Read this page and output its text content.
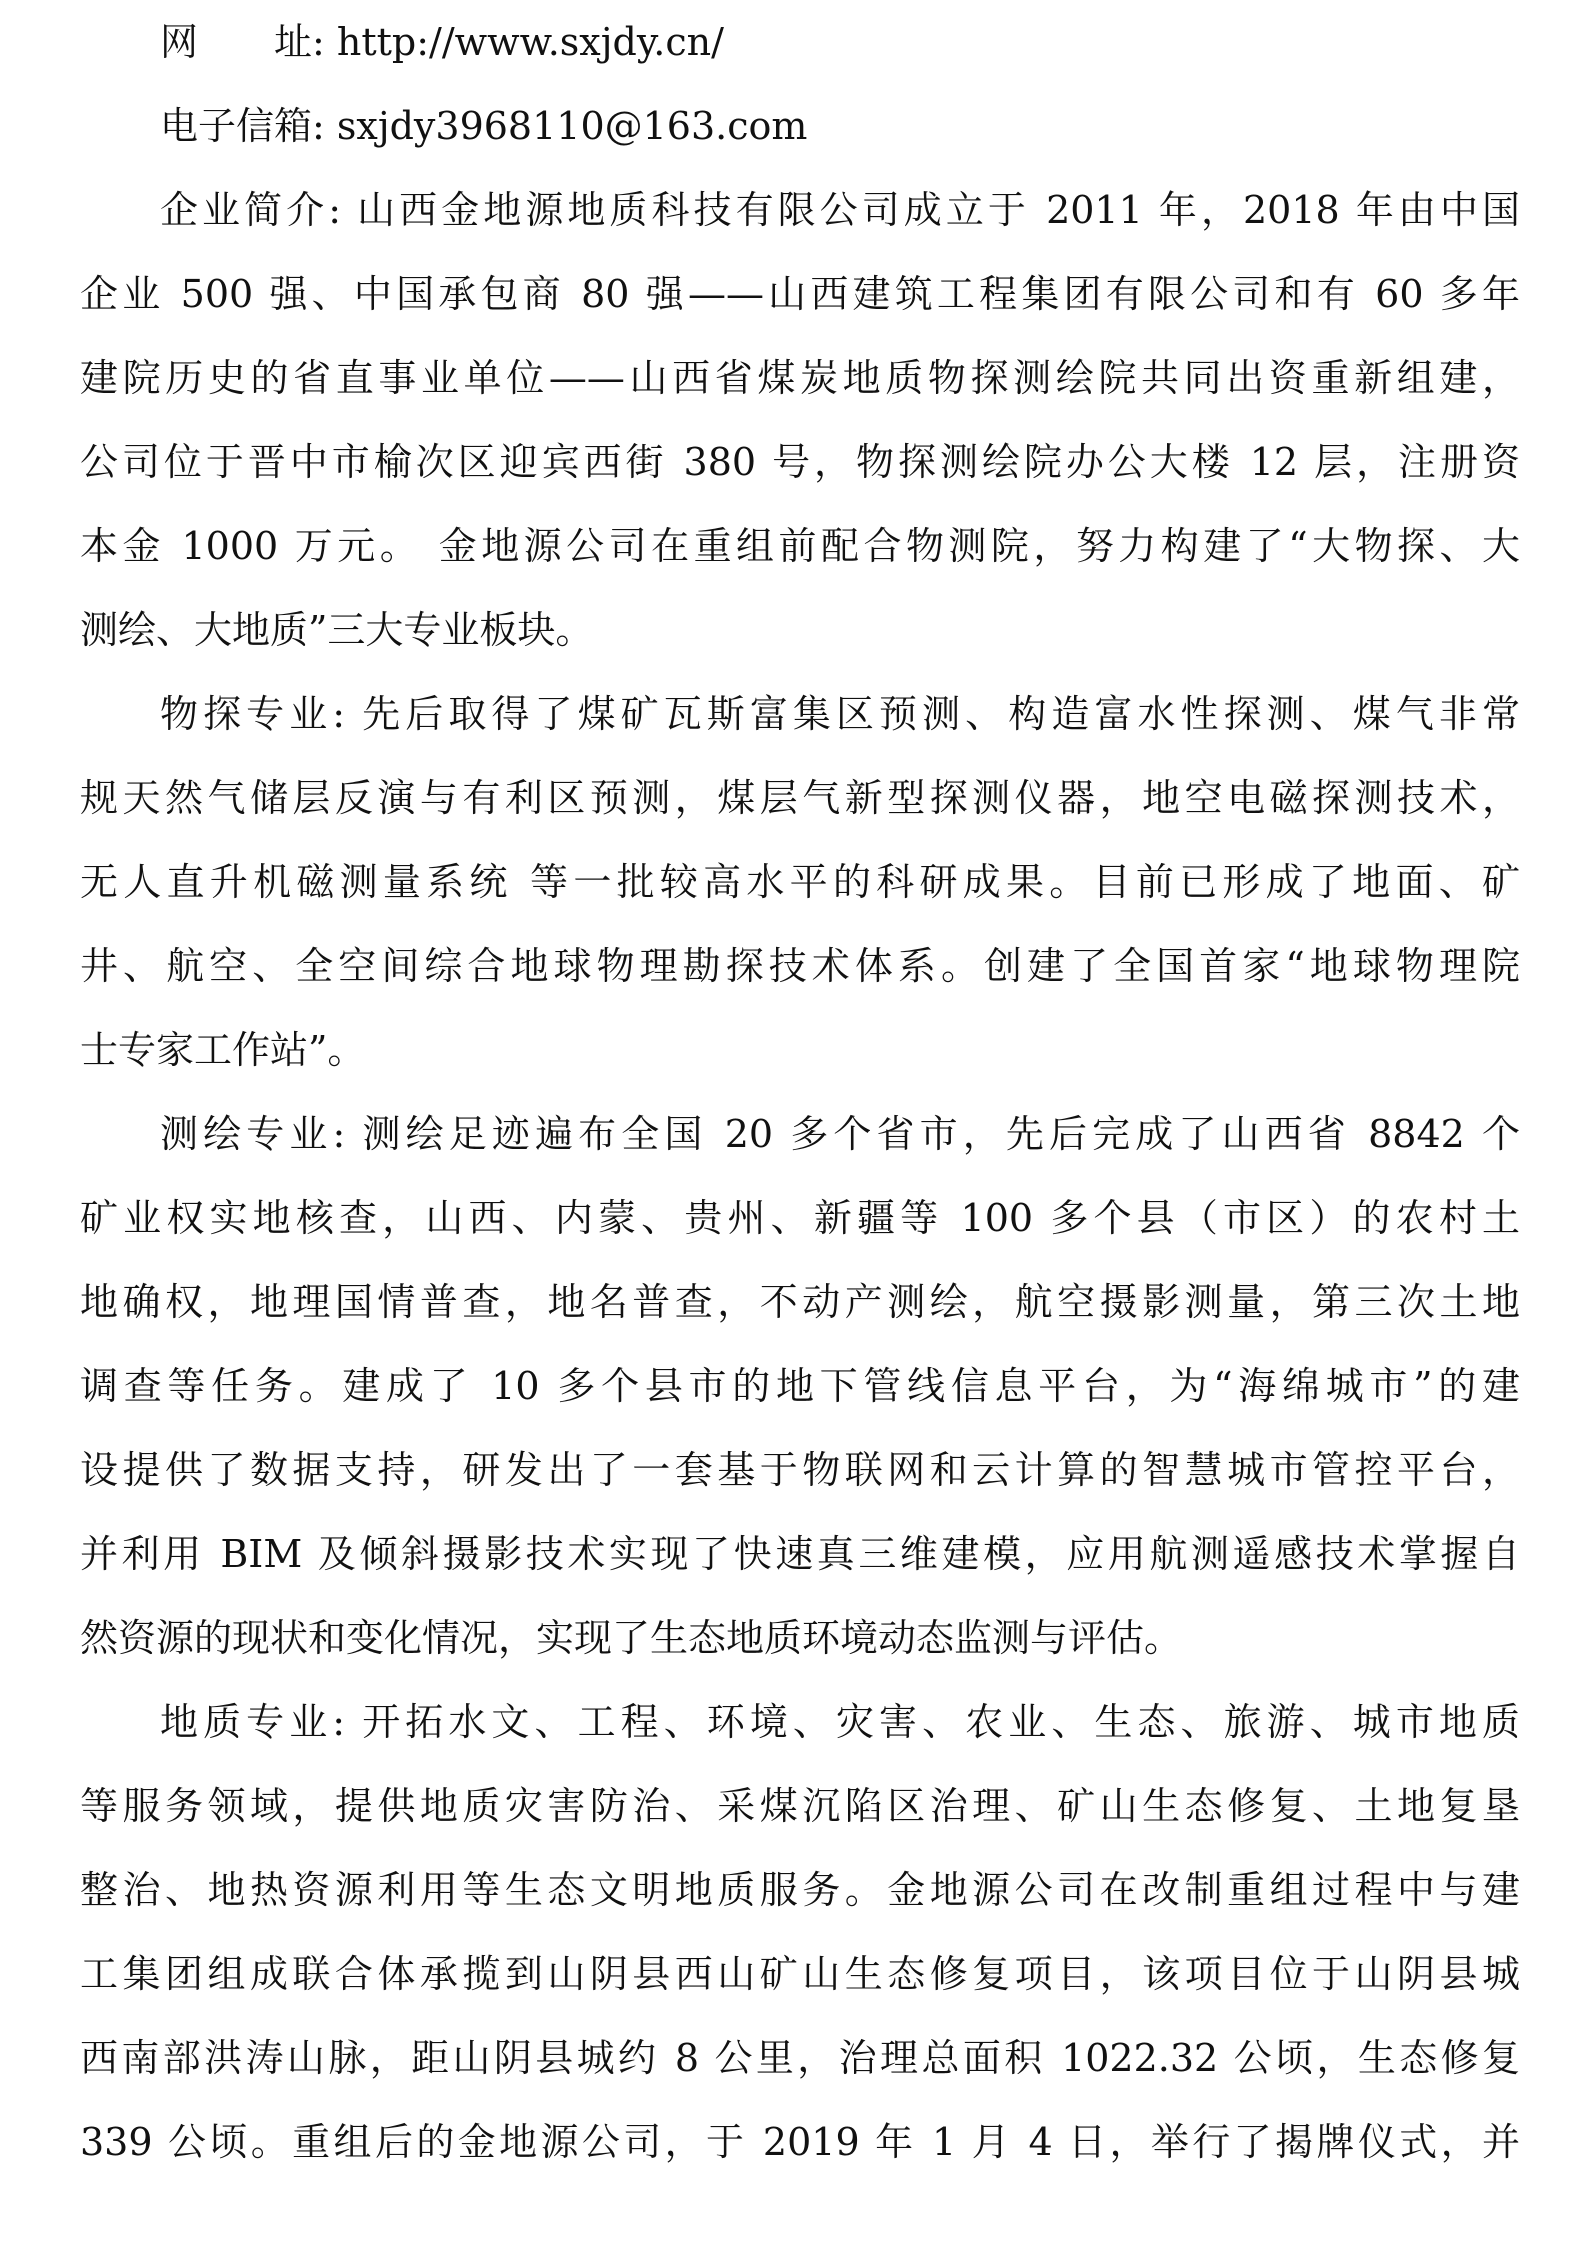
网　　址: http://www.sxjdy.cn/
电子信箱: sxjdy3968110@163.com
企业简介: 山西金地源地质科技有限公司成立于 2011 年，2018 年由中国
企业 500 强、中国承包商 80 强——山西建筑工程集团有限公司和有 60 多年
建院历史的省直事业单位——山西省煤炭地质物探测绘院共同出资重新组建，
公司位于晋中市榆次区迎宾西街 380 号，物探测绘院办公大楼 12 层，注册资
本金 1000 万元。 金地源公司在重组前配合物测院，努力构建了“大物探、大
测绘、大地质”三大专业板块。
物探专业: 先后取得了煤矿瓦斯富集区预测、构造富水性探测、煤气非常
规天然气储层反演与有利区预测，煤层气新型探测仪器，地空电磁探测技术，
无人直升机磁测量系统 等一批较高水平的科研成果。目前已形成了地面、矿
井、航空、全空间综合地球物理勘探技术体系。创建了全国首家“地球物理院
士专家工作站”。
测绘专业: 测绘足迹遍布全国 20 多个省市，先后完成了山西省 8842 个
矿业权实地核查，山西、内蒙、贵州、新疆等 100 多个县（市区）的农村土
地确权，地理国情普查，地名普查，不动产测绘，航空摄影测量，第三次土地
调查等任务。建成了 10 多个县市的地下管线信息平台，为“海绵城市”的建
设提供了数据支持，研发出了一套基于物联网和云计算的智慧城市管控平台，
并利用 BIM 及倾斜摄影技术实现了快速真三维建模，应用航测遥感技术掌握自
然资源的现状和变化情况，实现了生态地质环境动态监测与评估。
地质专业: 开拓水文、工程、环境、灾害、农业、生态、旅游、城市地质
等服务领域，提供地质灾害防治、采煤沉陷区治理、矿山生态修复、土地复垦
整治、地热资源利用等生态文明地质服务。金地源公司在改制重组过程中与建
工集团组成联合体承揽到山阴县西山矿山生态修复项目，该项目位于山阴县城
西南部洪涛山脉，距山阴县城约 8 公里，治理总面积 1022.32 公顷，生态修复
339 公顷。重组后的金地源公司，于 2019 年 1 月 4 日，举行了揭牌仪式，并
